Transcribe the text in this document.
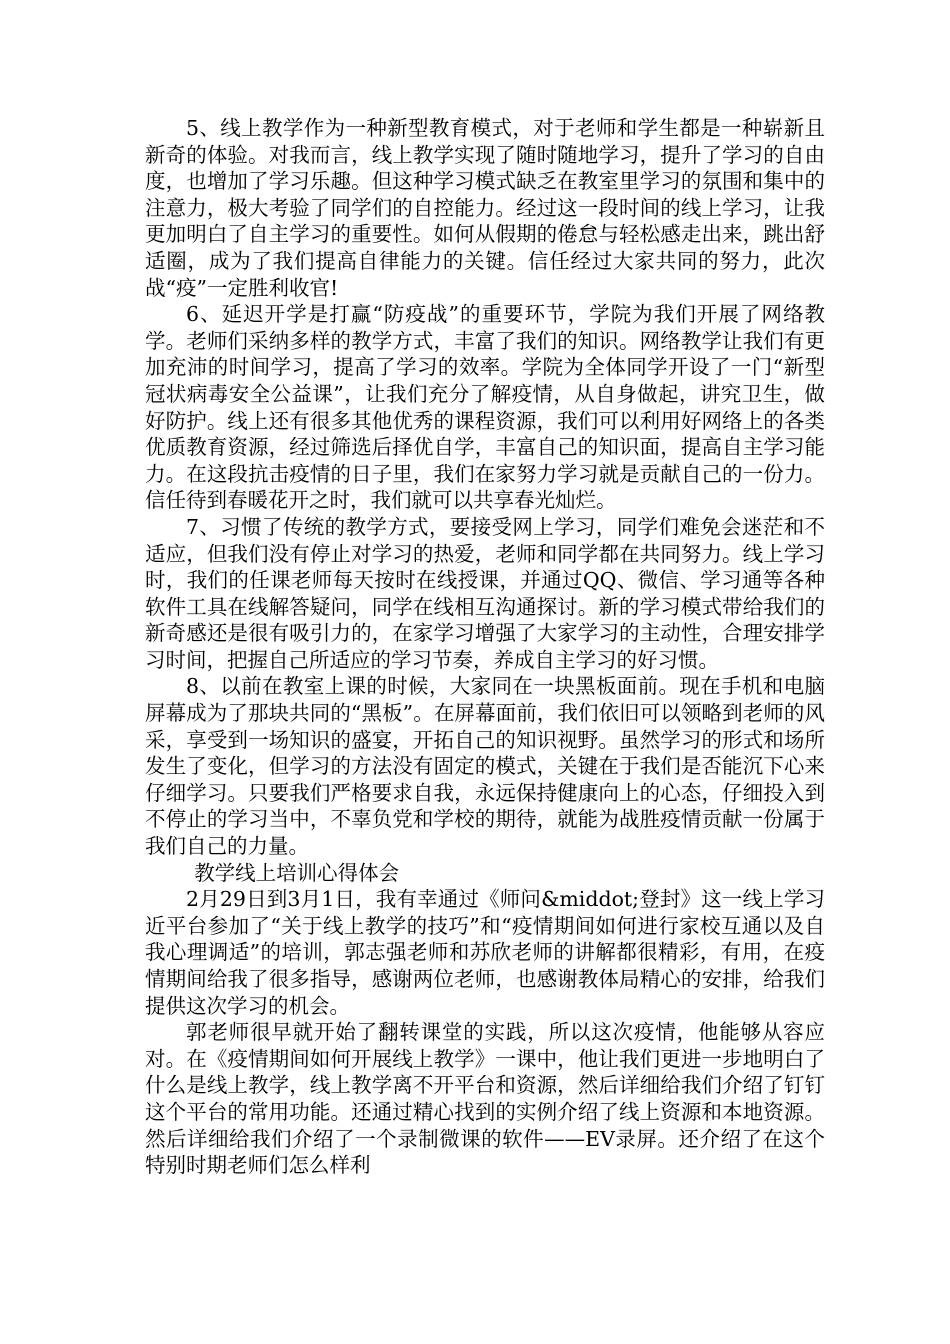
5、线上教学作为一种新型教育模式，对于老师和学生都是一种崭新且新奇的体验。对我而言，线上教学实现了随时随地学习，提升了学习的自由度，也增加了学习乐趣。但这种学习模式缺乏在教室里学习的氛围和集中的注意力，极大考验了同学们的自控能力。经过这一段时间的线上学习，让我更加明白了自主学习的重要性。如何从假期的倦怠与轻松感走出来，跳出舒适圈，成为了我们提高自律能力的关键。信任经过大家共同的努力，此次战“疫”一定胜利收官!

6、延迟开学是打赢“防疫战”的重要环节，学院为我们开展了网络教学。老师们采纳多样的教学方式，丰富了我们的知识。网络教学让我们有更加充沛的时间学习，提高了学习的效率。学院为全体同学开设了一门“新型冠状病毒安全公益课”，让我们充分了解疫情，从自身做起，讲究卫生，做好防护。线上还有很多其他优秀的课程资源，我们可以利用好网络上的各类优质教育资源，经过筛选后择优自学，丰富自己的知识面，提高自主学习能力。在这段抗击疫情的日子里，我们在家努力学习就是贡献自己的一份力。信任待到春暖花开之时，我们就可以共享春光灿烂。

7、习惯了传统的教学方式，要接受网上学习，同学们难免会迷茫和不适应，但我们没有停止对学习的热爱，老师和同学都在共同努力。线上学习时，我们的任课老师每天按时在线授课，并通过QQ、微信、学习通等各种软件工具在线解答疑问，同学在线相互沟通探讨。新的学习模式带给我们的新奇感还是很有吸引力的，在家学习增强了大家学习的主动性，合理安排学习时间，把握自己所适应的学习节奏，养成自主学习的好习惯。

8、以前在教室上课的时候，大家同在一块黑板面前。现在手机和电脑屏幕成为了那块共同的“黑板”。在屏幕面前，我们依旧可以领略到老师的风采，享受到一场知识的盛宴，开拓自己的知识视野。虽然学习的形式和场所发生了变化，但学习的方法没有固定的模式，关键在于我们是否能沉下心来仔细学习。只要我们严格要求自我，永远保持健康向上的心态，仔细投入到不停止的学习当中，不辜负党和学校的期待，就能为战胜疫情贡献一份属于我们自己的力量。

教学线上培训心得体会

2月29日到3月1日，我有幸通过《师问&middot;登封》这一线上学习近平台参加了“关于线上教学的技巧”和“疫情期间如何进行家校互通以及自我心理调适”的培训，郭志强老师和苏欣老师的讲解都很精彩，有用，在疫情期间给我了很多指导，感谢两位老师，也感谢教体局精心的安排，给我们提供这次学习的机会。

郭老师很早就开始了翻转课堂的实践，所以这次疫情，他能够从容应对。在《疫情期间如何开展线上教学》一课中，他让我们更进一步地明白了什么是线上教学，线上教学离不开平台和资源，然后详细给我们介绍了钉钉这个平台的常用功能。还通过精心找到的实例介绍了线上资源和本地资源。然后详细给我们介绍了一个录制微课的软件——EV录屏。还介绍了在这个特别时期老师们怎么样利
